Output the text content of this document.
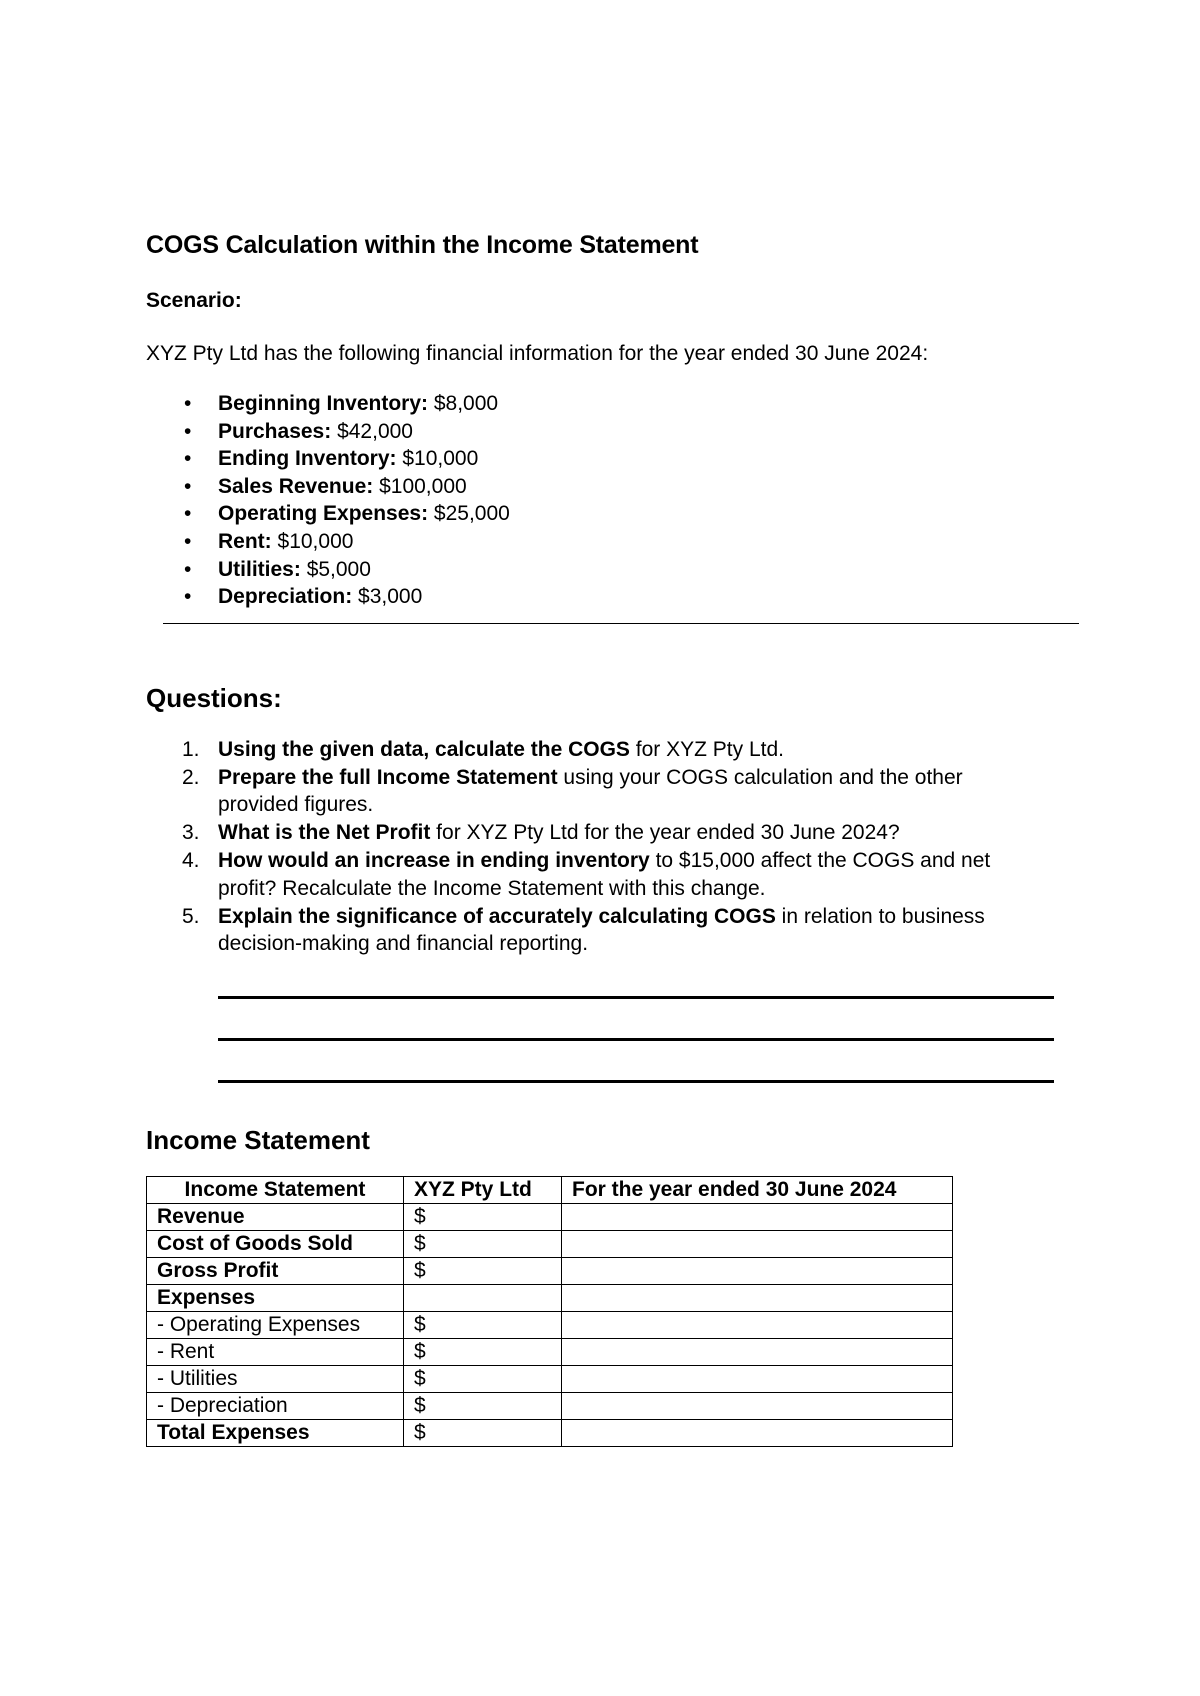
COGS Calculation within the Income Statement
Scenario:
XYZ Pty Ltd has the following financial information for the year ended 30 June 2024:
• Beginning Inventory: $8,000
• Purchases: $42,000
• Ending Inventory: $10,000
• Sales Revenue: $100,000
• Operating Expenses: $25,000
• Rent: $10,000
• Utilities: $5,000
• Depreciation: $3,000
Questions:
1. Using the given data, calculate the COGS for XYZ Pty Ltd.
2. Prepare the full Income Statement using your COGS calculation and the other provided figures.
3. What is the Net Profit for XYZ Pty Ltd for the year ended 30 June 2024?
4. How would an increase in ending inventory to $15,000 affect the COGS and net profit? Recalculate the Income Statement with this change.
5. Explain the significance of accurately calculating COGS in relation to business decision-making and financial reporting.
Income Statement
Income Statement	XYZ Pty Ltd	For the year ended 30 June 2024
Revenue	$	
Cost of Goods Sold	$	
Gross Profit	$	
Expenses		
- Operating Expenses	$	
- Rent	$	
- Utilities	$	
- Depreciation	$	
Total Expenses	$	
